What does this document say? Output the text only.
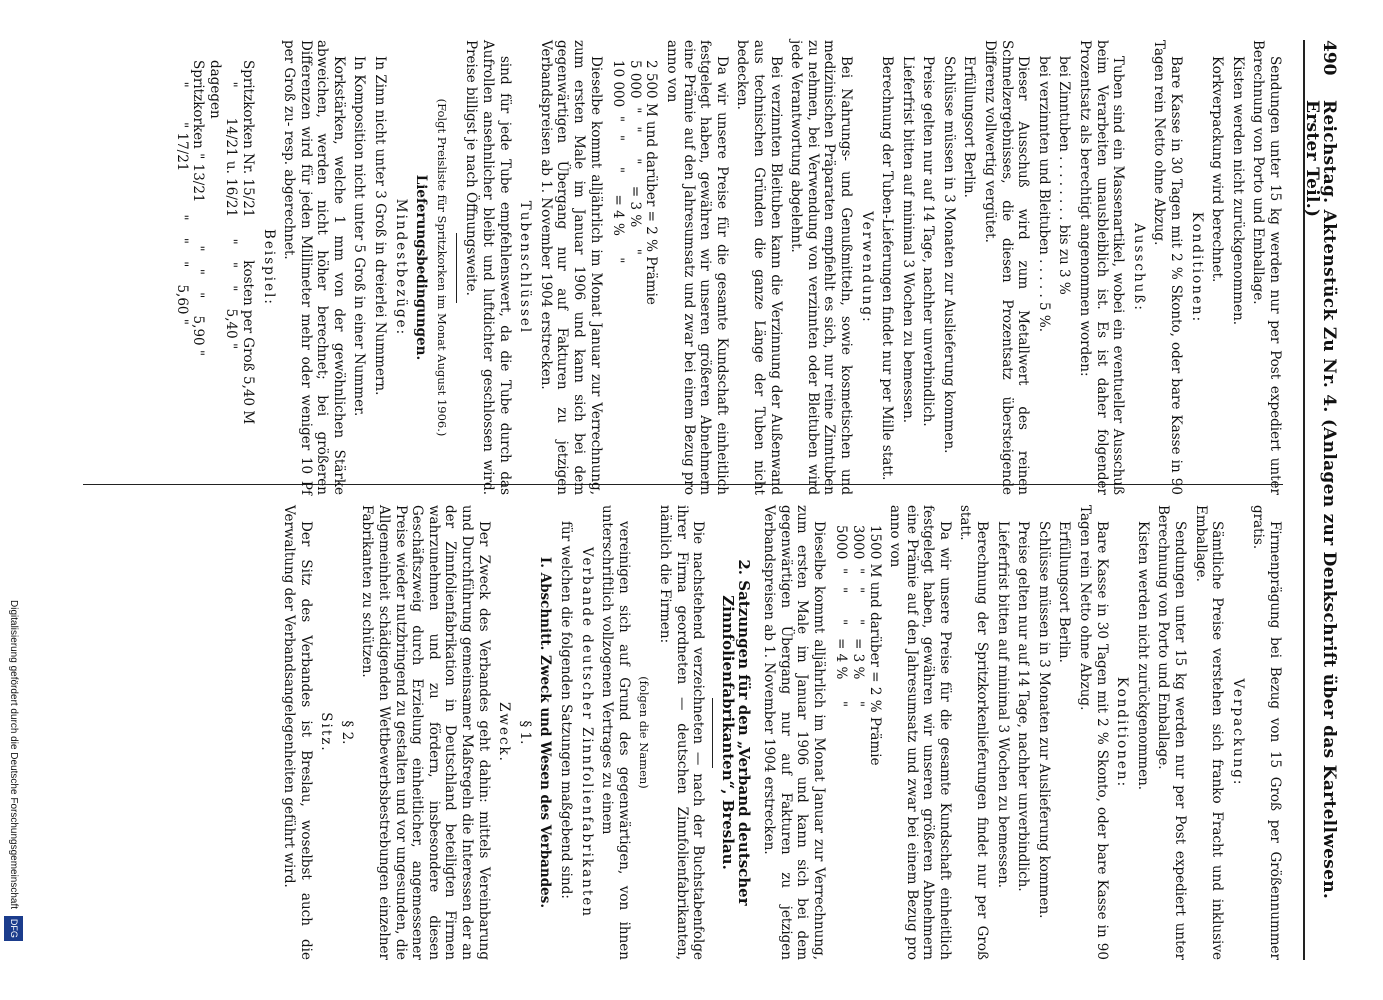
490
Reichstag. Aktenstück Zu Nr. 4. (Anlagen zur Denkschrift über das Kartellwesen. Erster Teil.)

Sendungen unter 15 kg werden nur per Post expediert unter Berechnung von Porto und Emballage.

Kisten werden nicht zurückgenommen.

Korkverpackung wird berechnet.

Konditionen:

Bare Kasse in 30 Tagen mit 2 % Skonto, oder bare Kasse in 90 Tagen rein Netto ohne Abzug.

Ausschuß:

Tuben sind ein Massenartikel, wobei ein eventueller Ausschuß beim Verarbeiten unausbleiblich ist. Es ist daher folgender Prozentsatz als berechtigt angenommen worden:

bei Zinntuben . . . . . . . . bis zu 3 %

bei verzinnten und Bleituben . . . . . 5 %.

Dieser Ausschuß wird zum Metallwert des reinen Schmelzergebnisses, die diesen Prozentsatz übersteigende Differenz vollwertig vergütet.

Erfüllungsort Berlin.

Schlüsse müssen in 3 Monaten zur Auslieferung kommen.

Preise gelten nur auf 14 Tage, nachher unverbindlich.

Lieferfrist bitten auf minimal 3 Wochen zu bemessen.

Berechnung der Tuben-Lieferungen findet nur per Mille statt.

Verwendung:

Bei Nahrungs- und Genußmitteln, sowie kosmetischen und medizinischen Präparaten empfiehlt es sich, nur reine Zinntuben zu nehmen, bei Verwendung von verzinnten oder Bleituben wird jede Verantwortung abgelehnt.

Bei verzinnten Bleituben kann die Verzinnung der Außenwand aus technischen Gründen die ganze Länge der Tuben nicht bedecken.

Da wir unsere Preise für die gesamte Kundschaft einheitlich festgelegt haben, gewähren wir unseren größeren Abnehmern eine Prämie auf den Jahresumsatz und zwar bei einem Bezug pro anno von

2 500 M und darüber = 2 % Prämie
5 000  "   "      "     = 3 %     "
10 000  "   "      "     = 4 %     "

Dieselbe kommt alljährlich im Monat Januar zur Verrechnung, zum ersten Male im Januar 1906 und kann sich bei dem gegenwärtigen Übergang nur auf Fakturen zu jetzigen Verbandspreisen ab 1. November 1904 erstrecken.

Tubenschlüssel

sind für jede Tube empfehlenswert, da die Tube durch das Aufrollen ansehnlicher bleibt und luftdichter geschlossen wird. Preise billigst je nach Öffnungsweite.

(Folgt Preisliste für Spritzkorken im Monat August 1906.)

Lieferungsbedingungen.

Mindestbezüge:

In Zinn nicht unter 3 Groß in dreierlei Nummern.

In Komposition nicht unter 5 Groß in einer Nummer.

Korkstärken, welche 1 mm von der gewöhnlichen Stärke abweichen, werden nicht höher berechnet; bei größeren Differenzen wird für jeden Millimeter mehr oder weniger 10 Pf per Groß zu- resp. abgerechnet.

Beispiel:

Spritzkorken Nr. 15/21          kosten per Groß 5,40 M
"       14/21 u. 16/21     "    "    "    5,40 "
dagegen
Spritzkorken " 13/21          "    "    "    5,90 "
"        " 17/21          "    "    "    5,60 "

Firmenprägung bei Bezug von 15 Groß per Größennummer gratis.

Verpackung:

Sämtliche Preise verstehen sich franko Fracht und inklusive Emballage.

Sendungen unter 15 kg werden nur per Post expediert unter Berechnung von Porto und Emballage.

Kisten werden nicht zurückgenommen.

Konditionen:

Bare Kasse in 30 Tagen mit 2 % Skonto, oder bare Kasse in 90 Tagen rein Netto ohne Abzug.

Erfüllungsort Berlin.

Schlüsse müssen in 3 Monaten zur Auslieferung kommen.

Preise gelten nur auf 14 Tage, nachher unverbindlich.

Lieferfrist bitten auf minimal 3 Wochen zu bemessen.

Berechnung der Spritzkorkenlieferungen findet nur per Groß statt.

Da wir unsere Preise für die gesamte Kundschaft einheitlich festgelegt haben, gewähren wir unseren größeren Abnehmern eine Prämie auf den Jahresumsatz und zwar bei einem Bezug pro anno von

1500 M und darüber = 2 % Prämie
3000  "   "      "   = 3 %     "
5000  "   "      "   = 4 %     "

Dieselbe kommt alljährlich im Monat Januar zur Verrechnung, zum ersten Male im Januar 1906 und kann sich bei dem gegenwärtigen Übergang nur auf Fakturen zu jetzigen Verbandspreisen ab 1. November 1904 erstrecken.

2. Satzungen für den „Verband deutscher Zinnfolienfabrikanten“, Breslau.

Die nachstehend verzeichneten — nach der Buchstabenfolge ihrer Firma geordneten — deutschen Zinnfolienfabrikanten, nämlich die Firmen:

(folgen die Namen)

vereinigen sich auf Grund des gegenwärtigen, von ihnen unterschriftlich vollzogenen Vertrages zu einem

Verbande deutscher Zinnfolienfabrikanten

für welchen die folgenden Satzungen maßgebend sind:

I. Abschnitt. Zweck und Wesen des Verbandes.

§ 1.

Zweck.

Der Zweck des Verbandes geht dahin: mittels Vereinbarung und Durchführung gemeinsamer Maßregeln die Interessen der an der Zinnfolienfabrikation in Deutschland beteiligten Firmen wahrzunehmen und zu fördern, insbesondere diesen Geschäftszweig durch Erzielung einheitlicher, angemessener Preise wieder nutzbringend zu gestalten und vor ungesunden, die Allgemeinheit schädigenden Wettbewerbsbestrebungen einzelner Fabrikanten zu schützen.

§ 2.

Sitz.

Der Sitz des Verbandes ist Breslau, woselbst auch die Verwaltung der Verbandsangelegenheiten geführt wird.

Digitalisierung gefördert durch die Deutsche Forschungsgemeinschaft DFG
